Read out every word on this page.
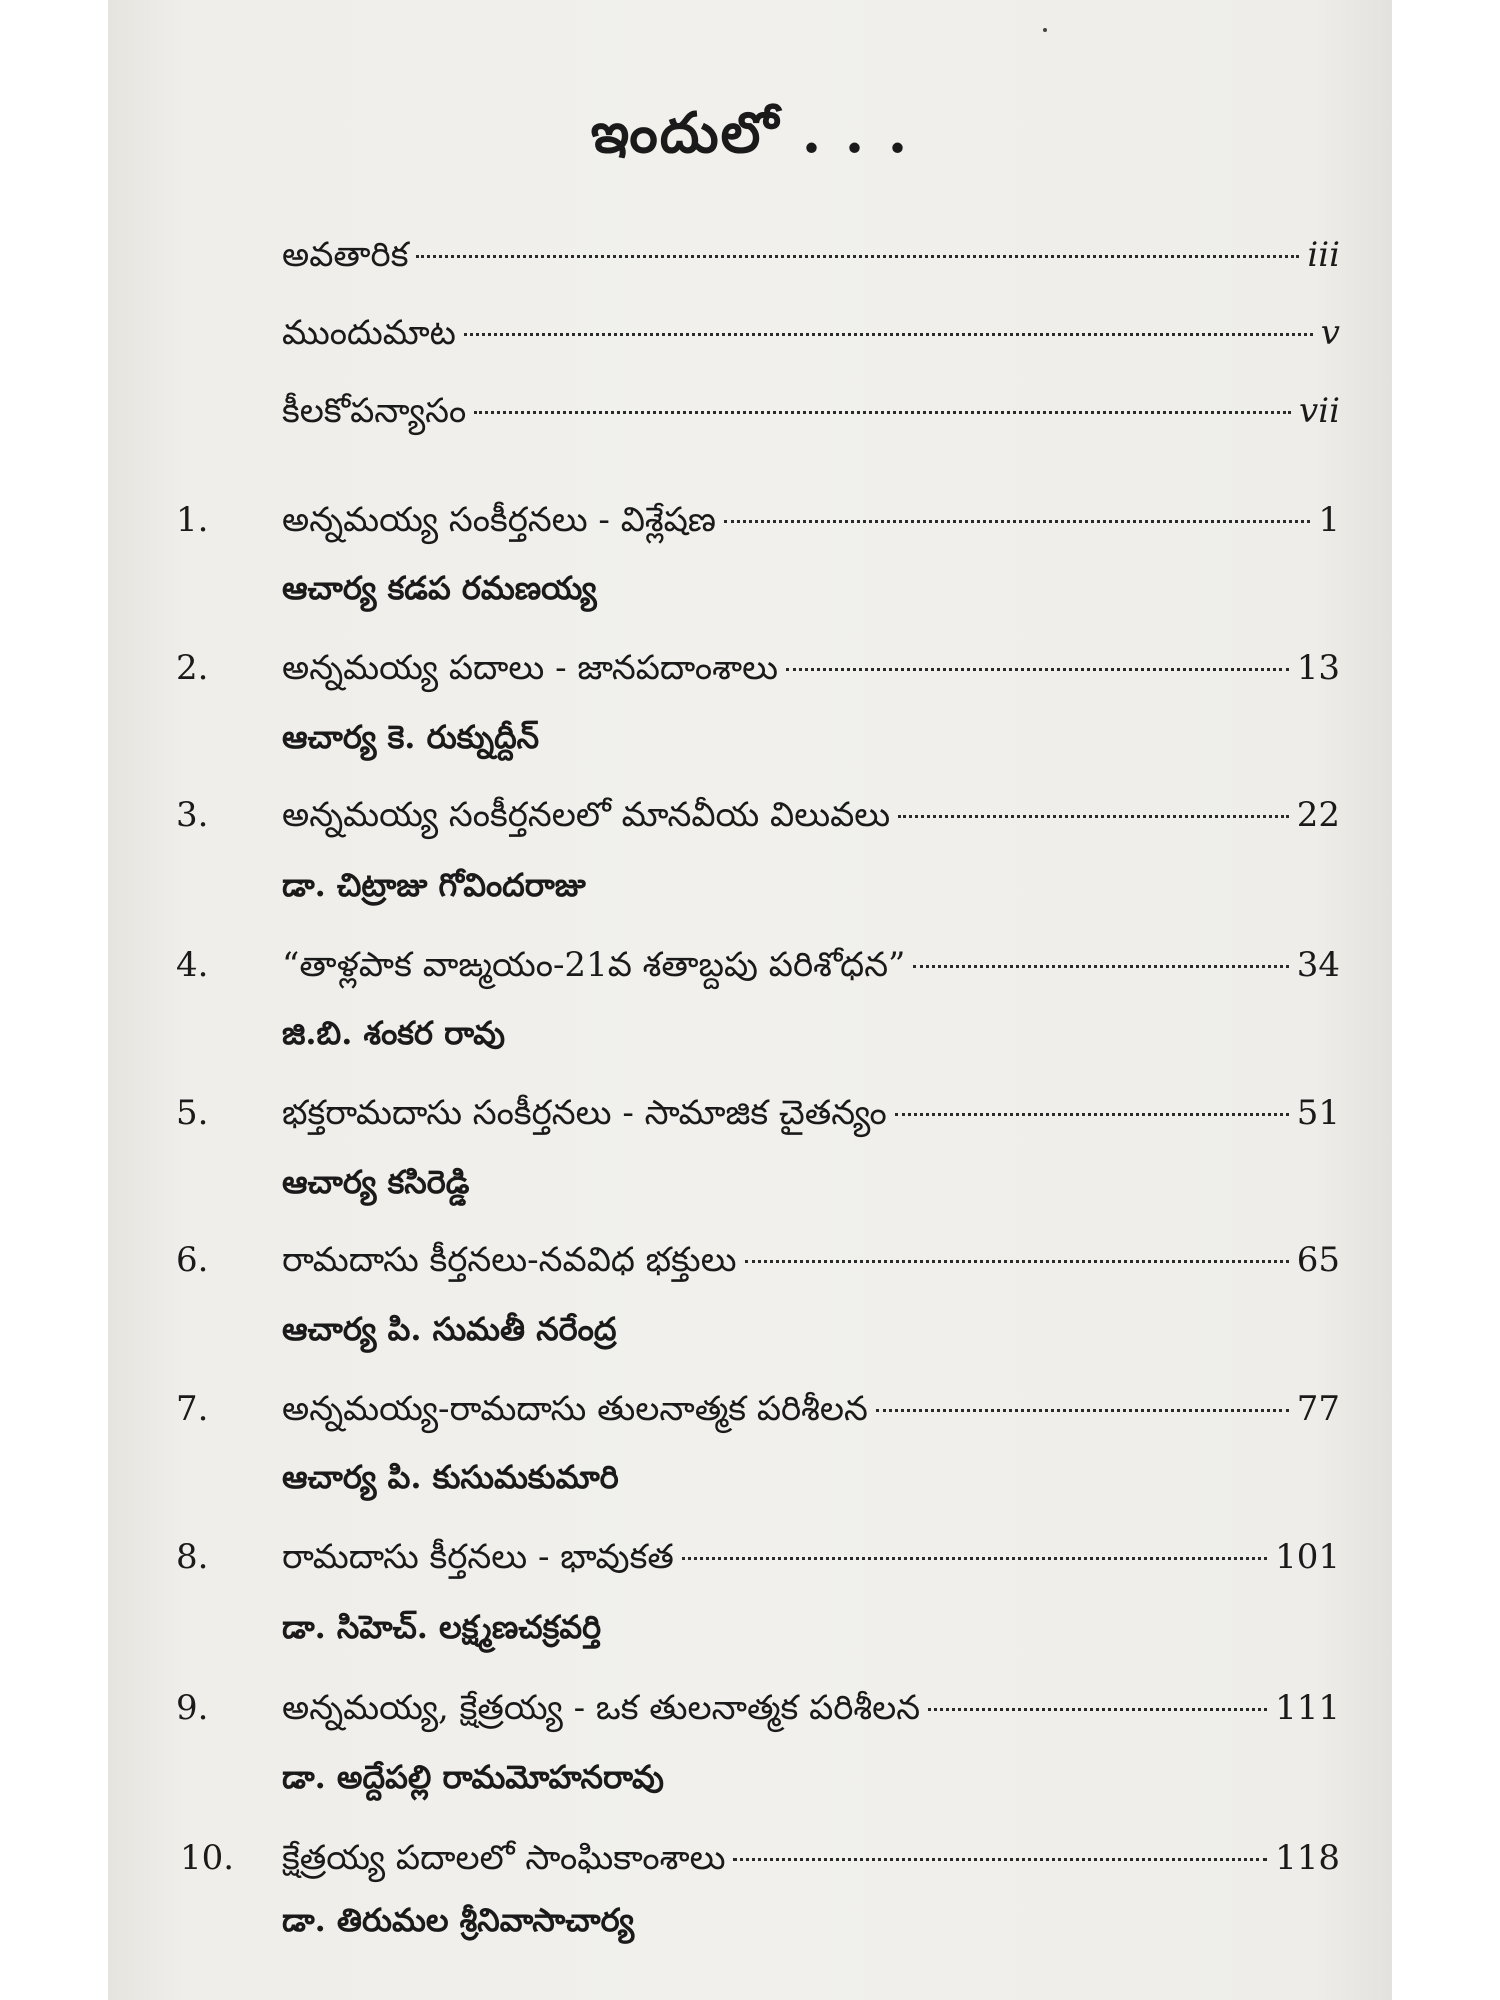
ఇందులో . . .
అవతారిక	iii
ముందుమాట	v
కీలకోపన్యాసం	vii
1. అన్నమయ్య సంకీర్తనలు - విశ్లేషణ	1
ఆచార్య కడప రమణయ్య
2. అన్నమయ్య పదాలు - జానపదాంశాలు	13
ఆచార్య కె. రుక్నుద్దీన్
3. అన్నమయ్య సంకీర్తనలలో మానవీయ విలువలు	22
డా. చిట్రాజు గోవిందరాజు
4. “తాళ్లపాక వాఙ్మయం-21వ శతాబ్దపు పరిశోధన”	34
జి.బి. శంకర రావు
5. భక్తరామదాసు సంకీర్తనలు - సామాజిక చైతన్యం	51
ఆచార్య కసిరెడ్డి
6. రామదాసు కీర్తనలు-నవవిధ భక్తులు	65
ఆచార్య పి. సుమతీ నరేంద్ర
7. అన్నమయ్య-రామదాసు తులనాత్మక పరిశీలన	77
ఆచార్య పి. కుసుమకుమారి
8. రామదాసు కీర్తనలు - భావుకత	101
డా. సిహెచ్. లక్ష్మణచక్రవర్తి
9. అన్నమయ్య, క్షేత్రయ్య - ఒక తులనాత్మక పరిశీలన	111
డా. అద్దేపల్లి రామమోహనరావు
10. క్షేత్రయ్య పదాలలో సాంఘికాంశాలు	118
డా. తిరుమల శ్రీనివాసాచార్య
